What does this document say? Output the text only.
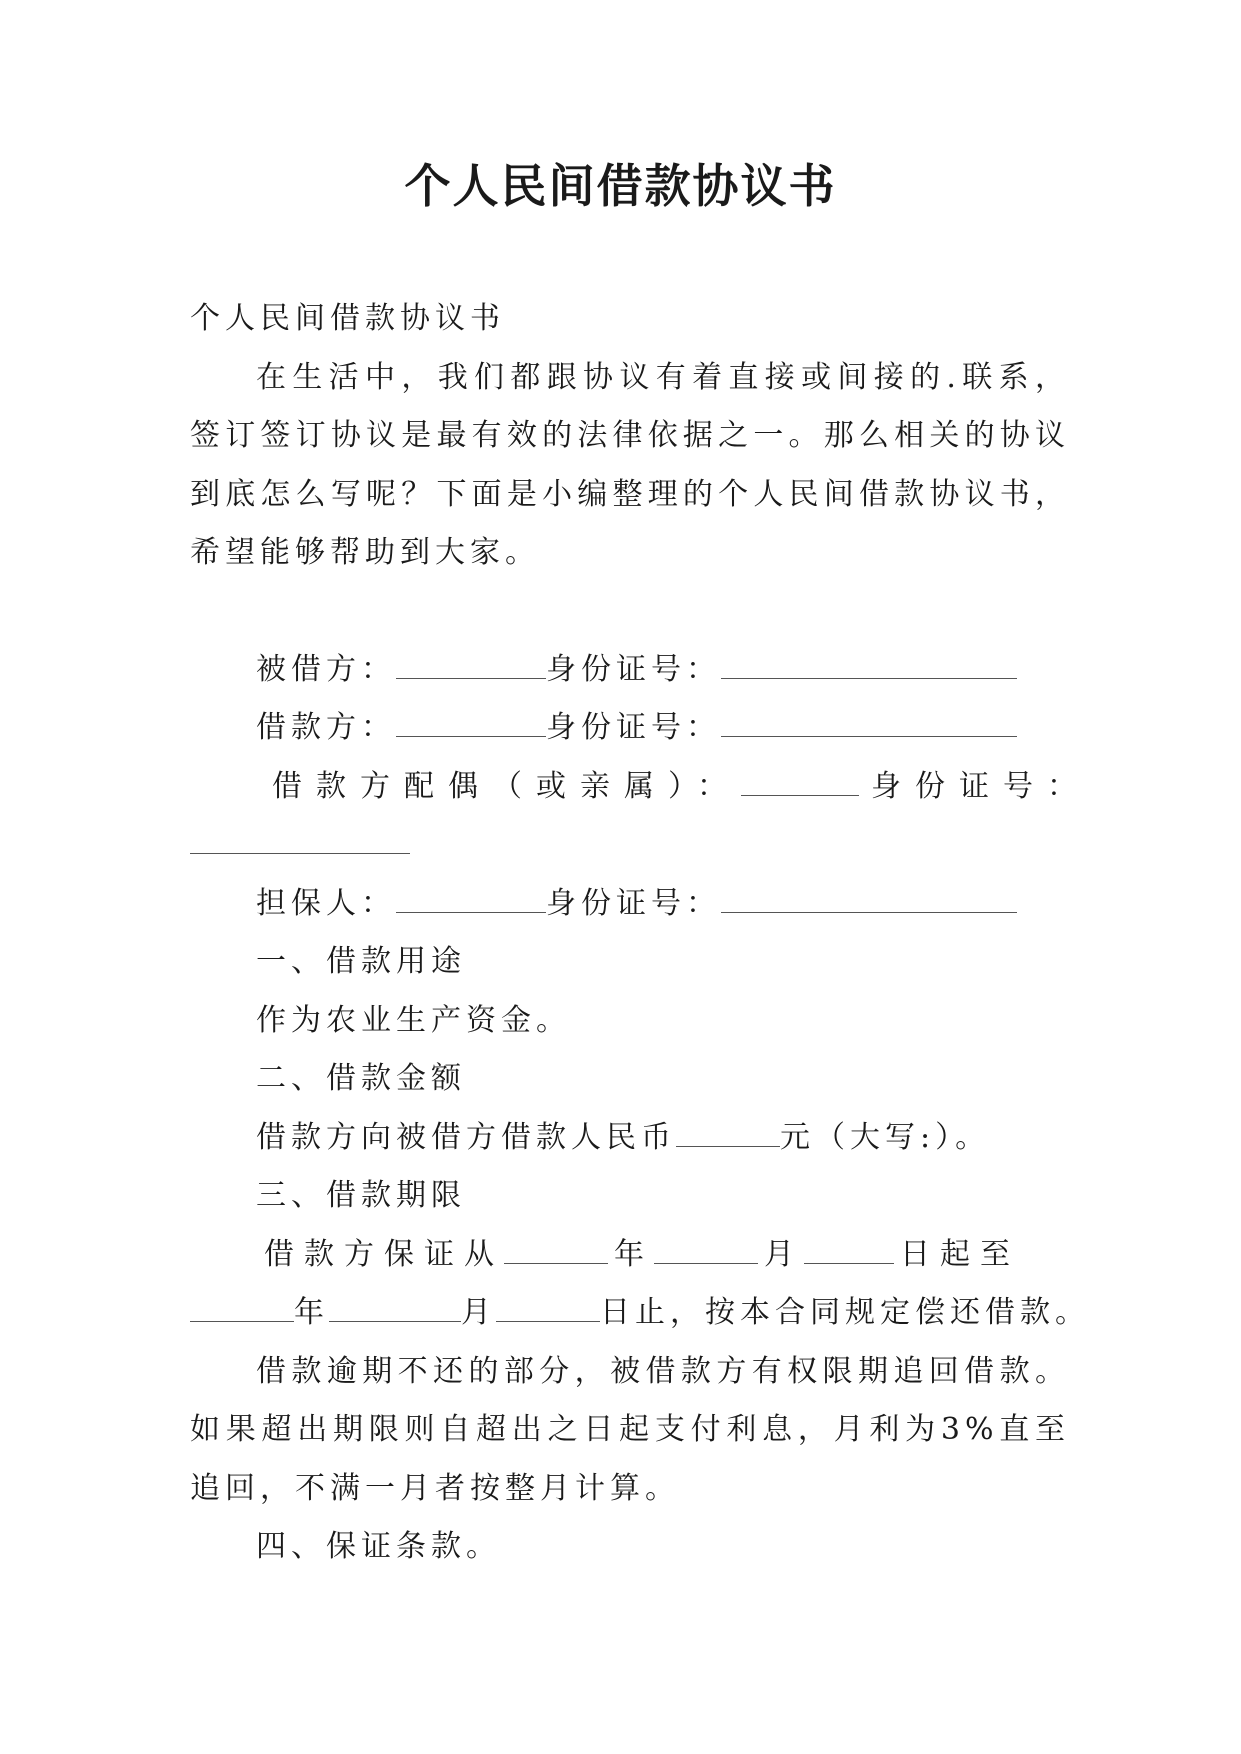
个人民间借款协议书
个人民间借款协议书
在生活中，我们都跟协议有着直接或间接的.联系，签订签订协议是最有效的法律依据之一。那么相关的协议到底怎么写呢？下面是小编整理的个人民间借款协议书，希望能够帮助到大家。
被借方：	身份证号：
借款方：	身份证号：
借款方配偶（或亲属）：	身份证号：
担保人：	身份证号：
一、借款用途
作为农业生产资金。
二、借款金额
借款方向被借方借款人民币	元（大写:）。
三、借款期限
借款方保证从	年	月	日起至
年	月	日止，按本合同规定偿还借款。
借款逾期不还的部分，被借款方有权限期追回借款。如果超出期限则自超出之日起支付利息，月利为3%直至追回，不满一月者按整月计算。
四、保证条款。
